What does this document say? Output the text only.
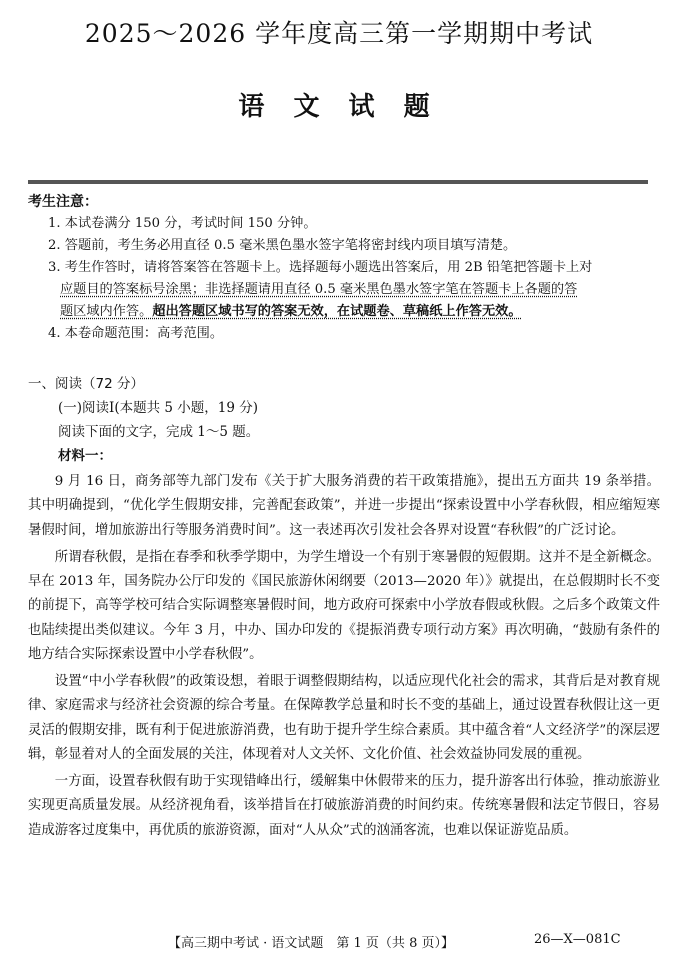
2025～2026 学年度高三第一学期期中考试
语 文 试 题
考生注意：
1. 本试卷满分 150 分，考试时间 150 分钟。
2. 答题前，考生务必用直径 0.5 毫米黑色墨水签字笔将密封线内项目填写清楚。
3. 考生作答时，请将答案答在答题卡上。选择题每小题选出答案后，用 2B 铅笔把答题卡上对
应题目的答案标号涂黑；非选择题请用直径 0.5 毫米黑色墨水签字笔在答题卡上各题的答
题区域内作答。超出答题区域书写的答案无效，在试题卷、草稿纸上作答无效。
4. 本卷命题范围：高考范围。
一、阅读（72 分）
(一)阅读Ⅰ(本题共 5 小题，19 分)
阅读下面的文字，完成 1～5 题。
材料一：

9 月 16 日，商务部等九部门发布《关于扩大服务消费的若干政策措施》，提出五方面共 19 条举措。其中明确提到，“优化学生假期安排，完善配套政策”，并进一步提出“探索设置中小学春秋假，相应缩短寒暑假时间，增加旅游出行等服务消费时间”。这一表述再次引发社会各界对设置“春秋假”的广泛讨论。

所谓春秋假，是指在春季和秋季学期中，为学生增设一个有别于寒暑假的短假期。这并不是全新概念。早在 2013 年，国务院办公厅印发的《国民旅游休闲纲要（2013—2020 年）》就提出，在总假期时长不变的前提下，高等学校可结合实际调整寒暑假时间，地方政府可探索中小学放春假或秋假。之后多个政策文件也陆续提出类似建议。今年 3 月，中办、国办印发的《提振消费专项行动方案》再次明确，“鼓励有条件的地方结合实际探索设置中小学春秋假”。

设置“中小学春秋假”的政策设想，着眼于调整假期结构，以适应现代化社会的需求，其背后是对教育规律、家庭需求与经济社会资源的综合考量。在保障教学总量和时长不变的基础上，通过设置春秋假让这一更灵活的假期安排，既有利于促进旅游消费，也有助于提升学生综合素质。其中蕴含着“人文经济学”的深层逻辑，彰显着对人的全面发展的关注，体现着对人文关怀、文化价值、社会效益协同发展的重视。

一方面，设置春秋假有助于实现错峰出行，缓解集中休假带来的压力，提升游客出行体验，推动旅游业实现更高质量发展。从经济视角看，该举措旨在打破旅游消费的时间约束。传统寒暑假和法定节假日，容易造成游客过度集中，再优质的旅游资源，面对“人从众”式的汹涌客流，也难以保证游览品质。

【高三期中考试 · 语文试题　第 1 页（共 8 页）】	26—X—081C
